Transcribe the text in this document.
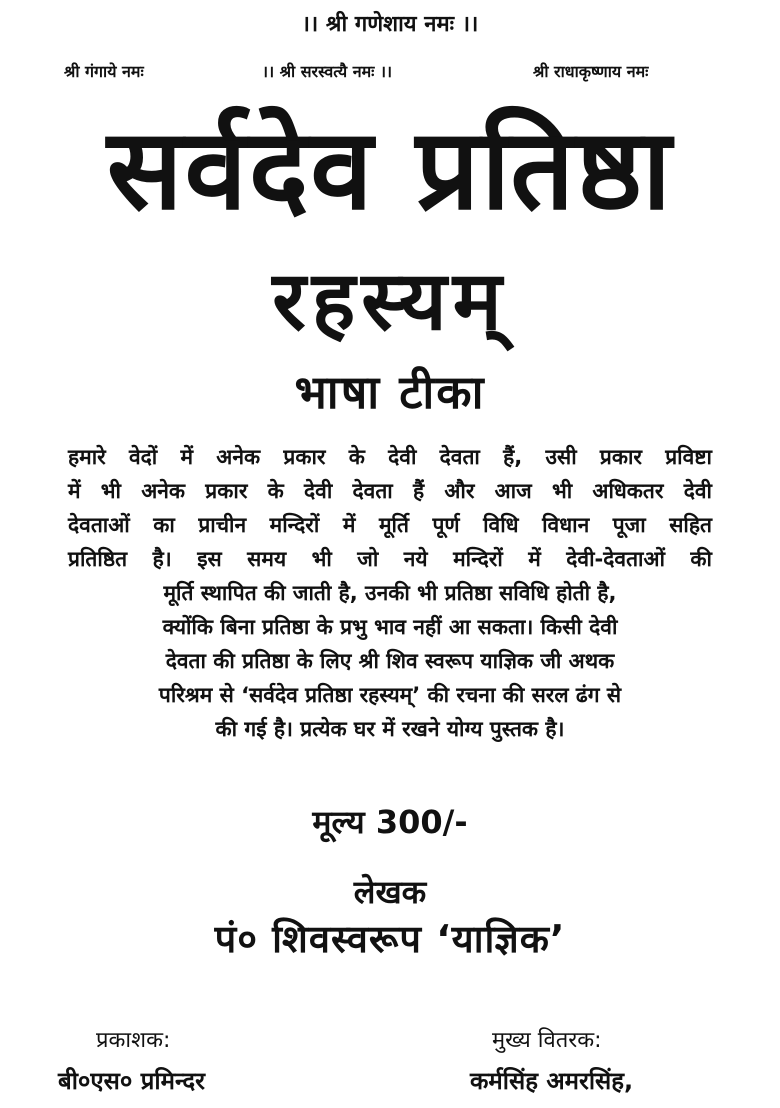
।। श्री गणेशाय नमः ।।
श्री गंगाये नमः	।। श्री सरस्वत्यै नमः ।।	श्री राधाकृष्णाय नमः
सर्वदेव प्रतिष्ठा
रहस्यम्
भाषा टीका
हमारे वेदों में अनेक प्रकार के देवी देवता हैं, उसी प्रकार प्रविष्टा
में भी अनेक प्रकार के देवी देवता हैं और आज भी अधिकतर देवी
देवताओं का प्राचीन मन्दिरों में मूर्ति पूर्ण विधि विधान पूजा सहित
प्रतिष्ठित है। इस समय भी जो नये मन्दिरों में देवी-देवताओं की
मूर्ति स्थापित की जाती है, उनकी भी प्रतिष्ठा सविधि होती है,
क्योंकि बिना प्रतिष्ठा के प्रभु भाव नहीं आ सकता। किसी देवी
देवता की प्रतिष्ठा के लिए श्री शिव स्वरूप याज्ञिक जी अथक
परिश्रम से ‘सर्वदेव प्रतिष्ठा रहस्यम्’ की रचना की सरल ढंग से
की गई है। प्रत्येक घर में रखने योग्य पुस्तक है।
मूल्य 300/-
लेखक
पं० शिवस्वरूप ‘याज्ञिक’
प्रकाशक:
बी०एस० प्रमिन्दर
मुख्य वितरक:
कर्मसिंह अमरसिंह,
